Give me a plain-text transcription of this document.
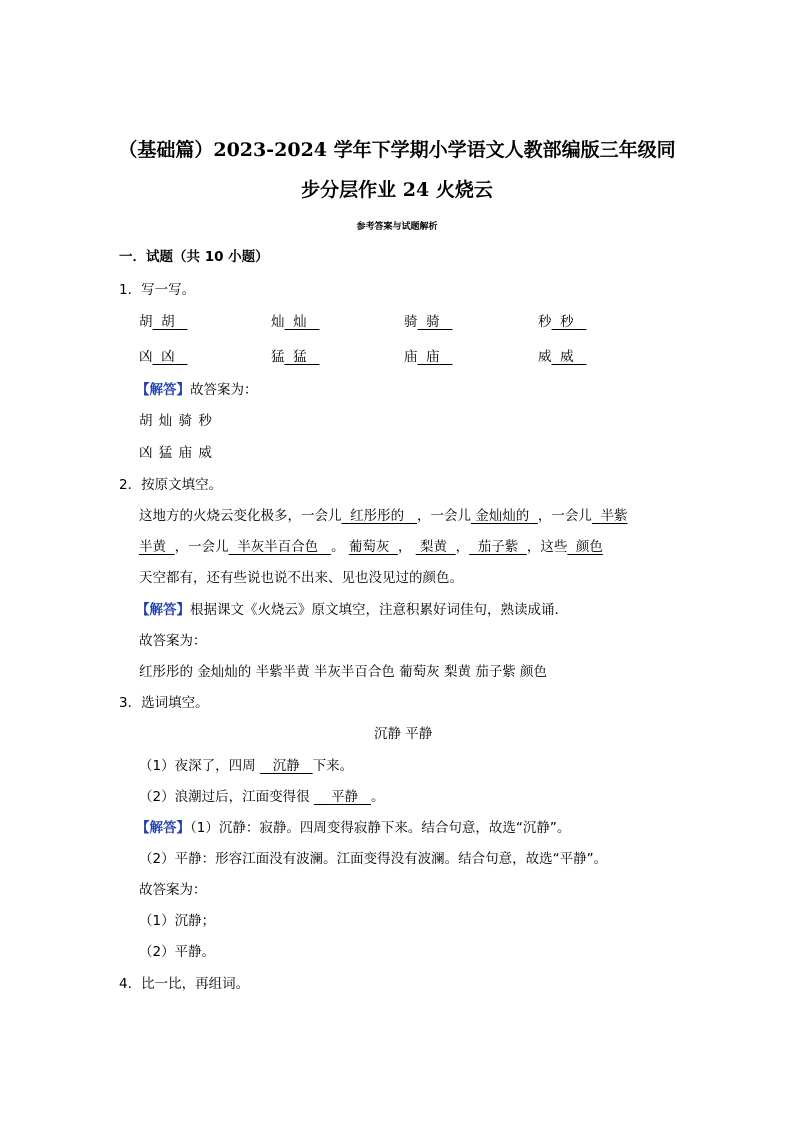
（基础篇）2023-2024 学年下学期小学语文人教部编版三年级同
步分层作业 24 火烧云
参考答案与试题解析
一．试题（共 10 小题）
1．写一写。
胡 胡	灿 灿	骑 骑	秒 秒
凶 凶	猛 猛	庙 庙	威 威
【解答】故答案为：
胡 灿 骑 秒
凶 猛 庙 威
2．按原文填空。
这地方的火烧云变化极多，一会儿 红彤彤的 ，一会儿 金灿灿的 ，一会儿 半紫
半黄 ，一会儿 半灰半百合色 。 葡萄灰 ， 梨黄 ， 茄子紫 ，这些 颜色
天空都有，还有些说也说不出来、见也没见过的颜色。
【解答】根据课文《火烧云》原文填空，注意积累好词佳句，熟读成诵．
故答案为：
红彤彤的 金灿灿的 半紫半黄 半灰半百合色 葡萄灰 梨黄 茄子紫 颜色
3．选词填空。
沉静 平静
（1）夜深了，四周 沉静 下来。
（2）浪潮过后，江面变得很 平静 。
【解答】（1）沉静：寂静。四周变得寂静下来。结合句意，故选“沉静”。
（2）平静：形容江面没有波澜。江面变得没有波澜。结合句意，故选“平静”。
故答案为：
（1）沉静；
（2）平静。
4．比一比，再组词。
